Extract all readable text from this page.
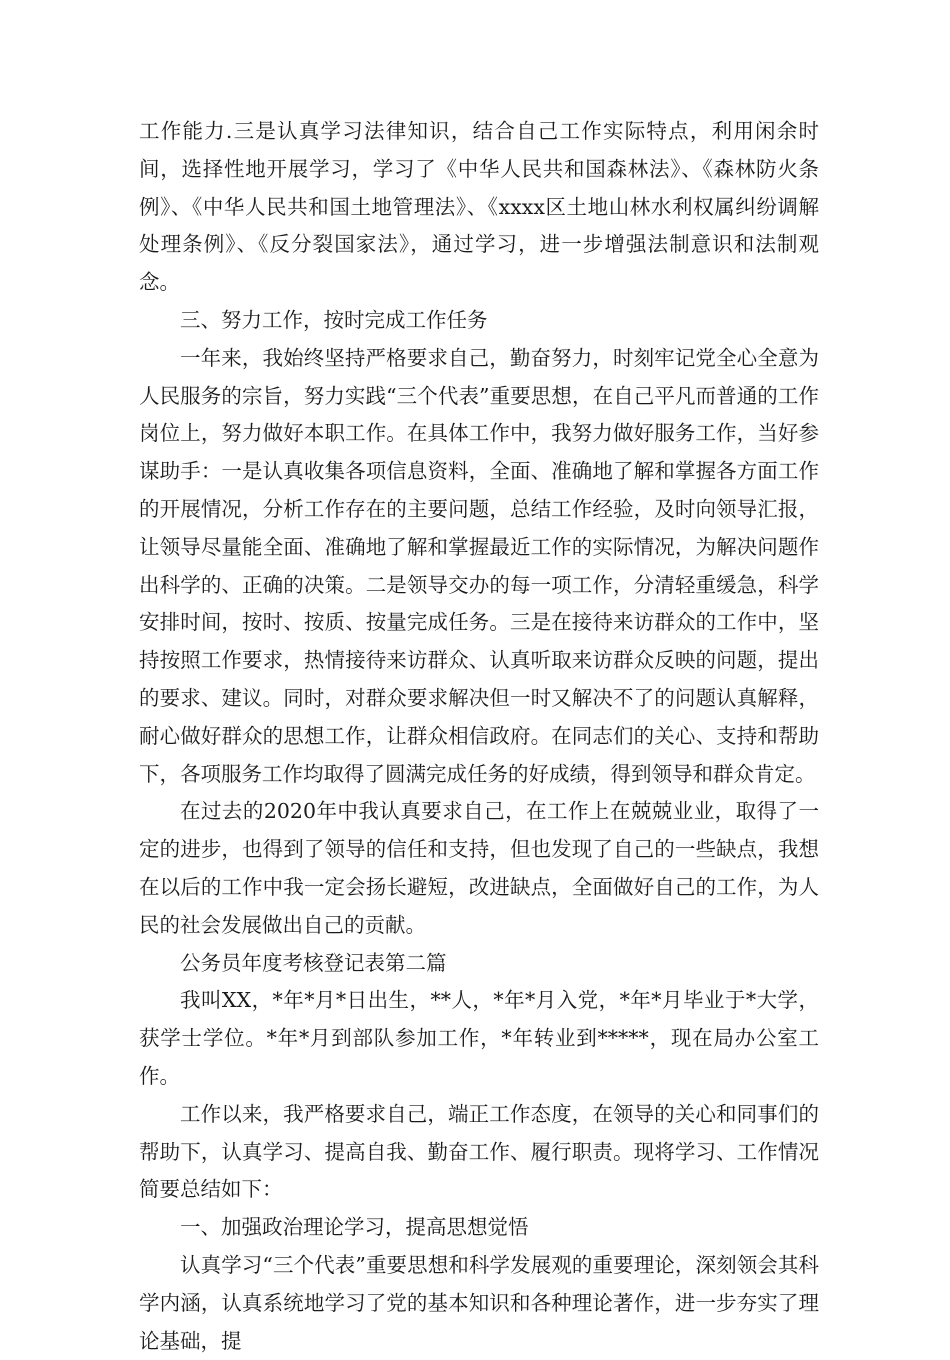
工作能力.三是认真学习法律知识，结合自己工作实际特点，利用闲余时间，选择性地开展学习，学习了《中华人民共和国森林法》、《森林防火条例》、《中华人民共和国土地管理法》、《xxxx区土地山林水利权属纠纷调解处理条例》、《反分裂国家法》，通过学习，进一步增强法制意识和法制观念。

三、努力工作，按时完成工作任务

一年来，我始终坚持严格要求自己，勤奋努力，时刻牢记党全心全意为人民服务的宗旨，努力实践“三个代表”重要思想，在自己平凡而普通的工作岗位上，努力做好本职工作。在具体工作中，我努力做好服务工作，当好参谋助手：一是认真收集各项信息资料，全面、准确地了解和掌握各方面工作的开展情况，分析工作存在的主要问题，总结工作经验，及时向领导汇报，让领导尽量能全面、准确地了解和掌握最近工作的实际情况，为解决问题作出科学的、正确的决策。二是领导交办的每一项工作，分清轻重缓急，科学安排时间，按时、按质、按量完成任务。三是在接待来访群众的工作中，坚持按照工作要求，热情接待来访群众、认真听取来访群众反映的问题，提出的要求、建议。同时，对群众要求解决但一时又解决不了的问题认真解释，耐心做好群众的思想工作，让群众相信政府。在同志们的关心、支持和帮助下，各项服务工作均取得了圆满完成任务的好成绩，得到领导和群众肯定。

在过去的2020年中我认真要求自己，在工作上在兢兢业业，取得了一定的进步，也得到了领导的信任和支持，但也发现了自己的一些缺点，我想在以后的工作中我一定会扬长避短，改进缺点，全面做好自己的工作，为人民的社会发展做出自己的贡献。

公务员年度考核登记表第二篇

我叫XX，*年*月*日出生，**人，*年*月入党，*年*月毕业于*大学，获学士学位。*年*月到部队参加工作，*年转业到*****，现在局办公室工作。

工作以来，我严格要求自己，端正工作态度，在领导的关心和同事们的帮助下，认真学习、提高自我、勤奋工作、履行职责。现将学习、工作情况简要总结如下：

一、加强政治理论学习，提高思想觉悟

认真学习“三个代表”重要思想和科学发展观的重要理论，深刻领会其科学内涵，认真系统地学习了党的基本知识和各种理论著作，进一步夯实了理论基础，提
